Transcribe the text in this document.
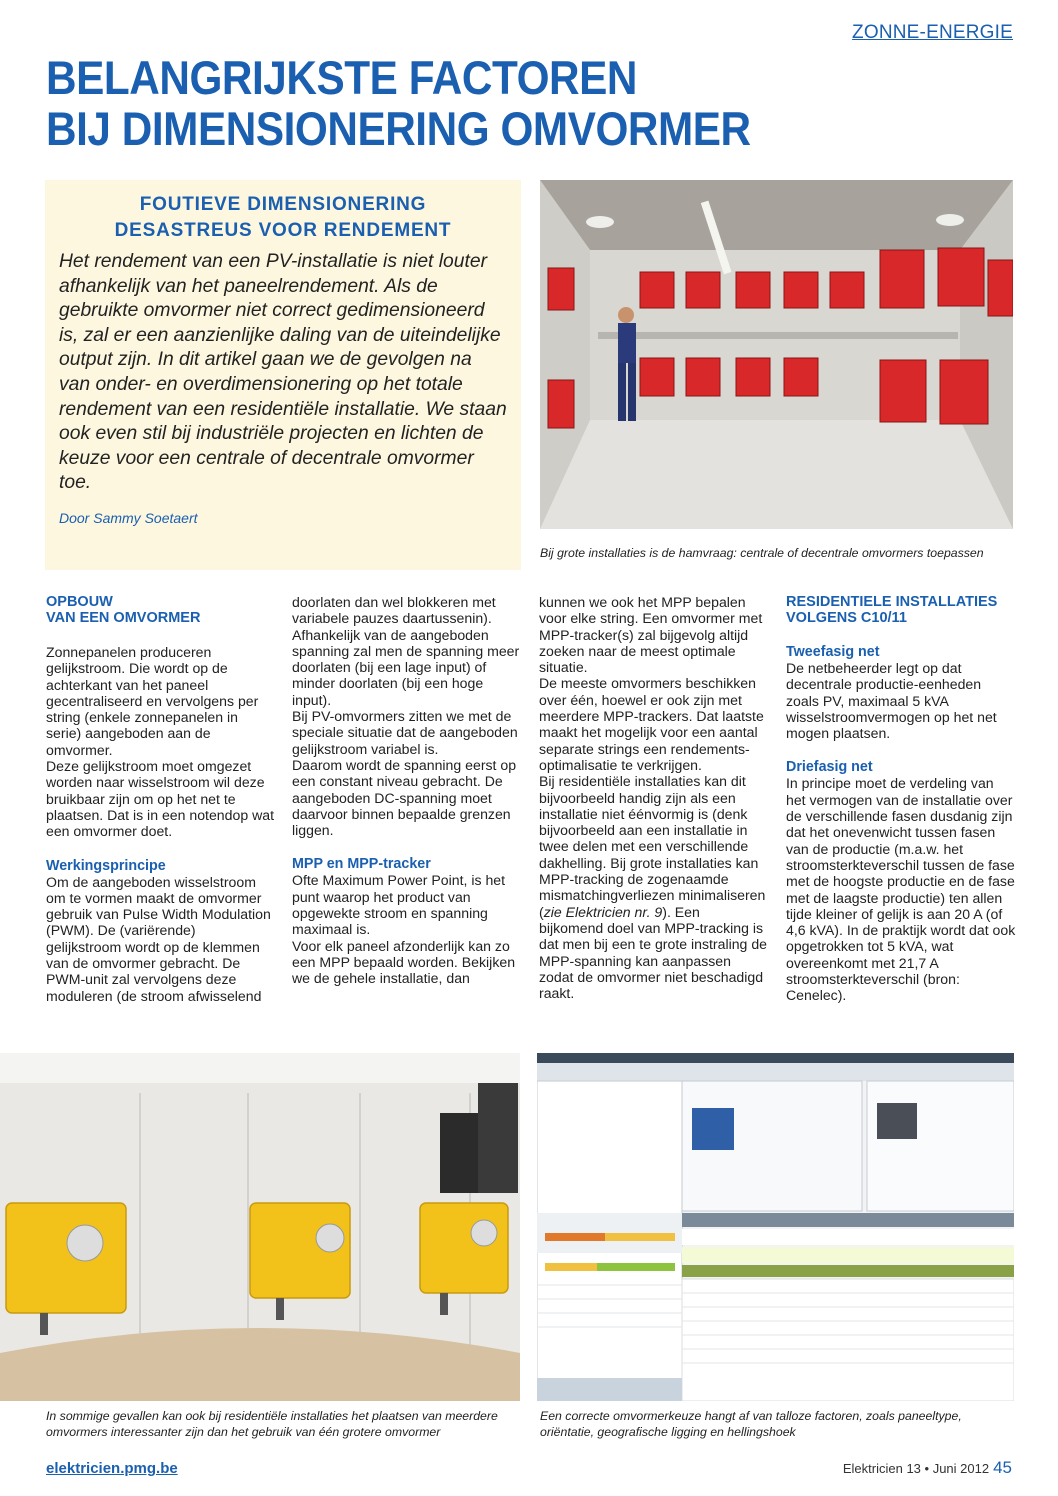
ZONNE-ENERGIE
BELANGRIJKSTE FACTOREN
BIJ DIMENSIONERING OMVORMER
FOUTIEVE DIMENSIONERING
DESASTREUS VOOR RENDEMENT

Het rendement van een PV-installatie is niet louter afhankelijk van het paneelrendement. Als de gebruikte omvormer niet correct gedimensioneerd is, zal er een aanzienlijke daling van de uiteindelijke output zijn. In dit artikel gaan we de gevolgen na van onder- en overdimensionering op het totale rendement van een residentiële installatie. We staan ook even stil bij industriële projecten en lichten de keuze voor een centrale of decentrale omvormer toe.

Door Sammy Soetaert

Bij grote installaties is de hamvraag: centrale of decentrale omvormers toepassen
OPBOUW
VAN EEN OMVORMER

Zonnepanelen produceren gelijkstroom. Die wordt op de achterkant van het paneel gecentraliseerd en vervolgens per string (enkele zonnepanelen in serie) aangeboden aan de omvormer.

Deze gelijkstroom moet omgezet worden naar wisselstroom wil deze bruikbaar zijn om op het net te plaatsen. Dat is in een notendop wat een omvormer doet.

Werkingsprincipe

Om de aangeboden wisselstroom om te vormen maakt de omvormer gebruik van Pulse Width Modulation (PWM). De (variërende) gelijkstroom wordt op de klemmen van de omvormer gebracht. De PWM-unit zal vervolgens deze moduleren (de stroom afwisselend

doorlaten dan wel blokkeren met variabele pauzes daartussenin). Afhankelijk van de aangeboden spanning zal men de spanning meer doorlaten (bij een lage input) of minder doorlaten (bij een hoge input).

Bij PV-omvormers zitten we met de speciale situatie dat de aangeboden gelijkstroom variabel is.

Daarom wordt de spanning eerst op een constant niveau gebracht. De aangeboden DC-spanning moet daarvoor binnen bepaalde grenzen liggen.

MPP en MPP-tracker

Ofte Maximum Power Point, is het punt waarop het product van opgewekte stroom en spanning maximaal is.

Voor elk paneel afzonderlijk kan zo een MPP bepaald worden. Bekijken we de gehele installatie, dan

kunnen we ook het MPP bepalen voor elke string. Een omvormer met MPP-tracker(s) zal bijgevolg altijd zoeken naar de meest optimale situatie.

De meeste omvormers beschikken over één, hoewel er ook zijn met meerdere MPP-trackers. Dat laatste maakt het mogelijk voor een aantal separate strings een rendements-optimalisatie te verkrijgen.

Bij residentiële installaties kan dit bijvoorbeeld handig zijn als een installatie niet éénvormig is (denk bijvoorbeeld aan een installatie in twee delen met een verschillende dakhelling. Bij grote installaties kan MPP-tracking de zogenaamde mismatchingverliezen minimaliseren (zie Elektricien nr. 9). Een bijkomend doel van MPP-tracking is dat men bij een te grote instraling de MPP-spanning kan aanpassen zodat de omvormer niet beschadigd raakt.

RESIDENTIELE INSTALLATIES
VOLGENS C10/11
Tweefasig net

De netbeheerder legt op dat decentrale productie-eenheden zoals PV, maximaal 5 kVA wisselstroomvermogen op het net mogen plaatsen.

Driefasig net

In principe moet de verdeling van het vermogen van de installatie over de verschillende fasen dusdanig zijn dat het onevenwicht tussen fasen van de productie (m.a.w. het stroomsterkteverschil tussen de fase met de hoogste productie en de fase met de laagste productie) ten allen tijde kleiner of gelijk is aan 20 A (of 4,6 kVA). In de praktijk wordt dat ook opgetrokken tot 5 kVA, wat overeenkomt met 21,7 A stroomsterkteverschil (bron: Cenelec).

In sommige gevallen kan ook bij residentiële installaties het plaatsen van meerdere omvormers interessanter zijn dan het gebruik van één grotere omvormer
Een correcte omvormerkeuze hangt af van talloze factoren, zoals paneeltype, oriëntatie, geografische ligging en hellingshoek
elektricien.pmg.be	Elektricien 13 • Juni 2012 45
